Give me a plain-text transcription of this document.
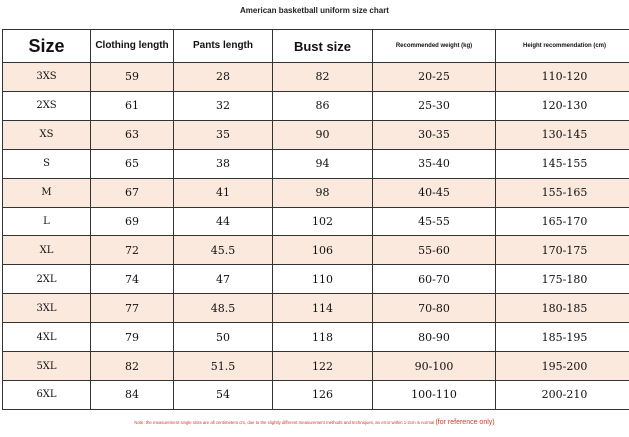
American basketball uniform size chart
Size	Clothing length	Pants length	Bust size	Recommended weight (kg)	Height recommendation (cm)
3XS	59	28	82	20-25	110-120
2XS	61	32	86	25-30	120-130
XS	63	35	90	30-35	130-145
S	65	38	94	35-40	145-155
M	67	41	98	40-45	155-165
L	69	44	102	45-55	165-170
XL	72	45.5	106	55-60	170-175
2XL	74	47	110	60-70	175-180
3XL	77	48.5	114	70-80	180-185
4XL	79	50	118	80-90	185-195
5XL	82	51.5	122	90-100	195-200
6XL	84	54	126	100-110	200-210
Note: the measurement single slots are all centimeters cm, due to the slightly different measurement methods and techniques, an error within 1-2cm is normal (for reference only)
